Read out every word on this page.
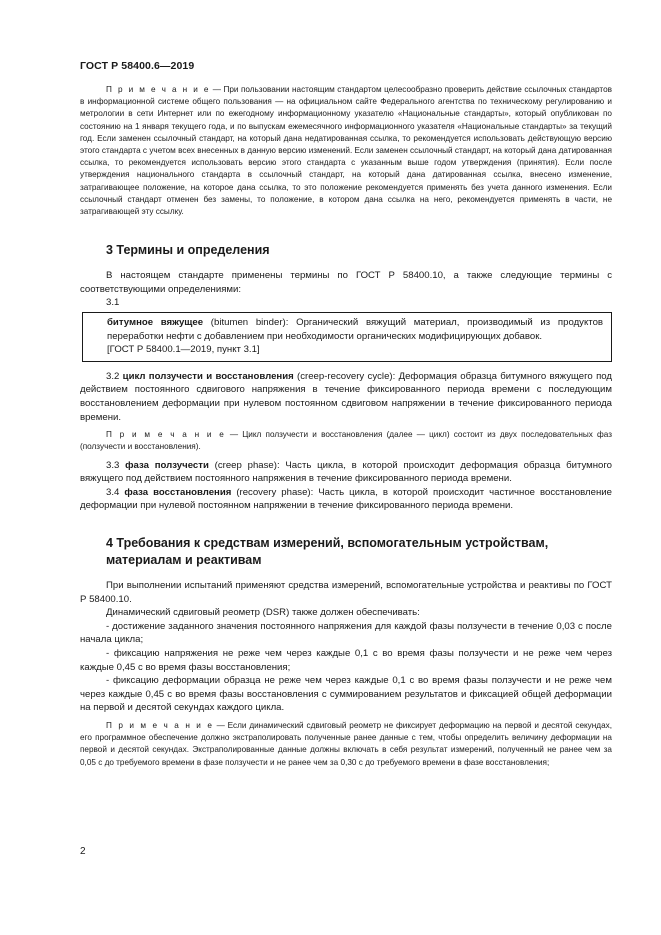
ГОСТ Р 58400.6—2019

П р и м е ч а н и е — При пользовании настоящим стандартом целесообразно проверить действие ссылочных стандартов в информационной системе общего пользования — на официальном сайте Федерального агентства по техническому регулированию и метрологии в сети Интернет или по ежегодному информационному указателю «Национальные стандарты», который опубликован по состоянию на 1 января текущего года, и по выпускам ежемесячного информационного указателя «Национальные стандарты» за текущий год. Если заменен ссылочный стандарт, на который дана недатированная ссылка, то рекомендуется использовать действующую версию этого стандарта с учетом всех внесенных в данную версию изменений. Если заменен ссылочный стандарт, на который дана датированная ссылка, то рекомендуется использовать версию этого стандарта с указанным выше годом утверждения (принятия). Если после утверждения национального стандарта в ссылочный стандарт, на который дана датированная ссылка, внесено изменение, затрагивающее положение, на которое дана ссылка, то это положение рекомендуется применять без учета данного изменения. Если ссылочный стандарт отменен без замены, то положение, в котором дана ссылка на него, рекомендуется применять в части, не затрагивающей эту ссылку.

3 Термины и определения

В настоящем стандарте применены термины по ГОСТ Р 58400.10, а также следующие термины с соответствующими определениями:

3.1

битумное вяжущее (bitumen binder): Органический вяжущий материал, производимый из продуктов переработки нефти с добавлением при необходимости органических модифицирующих добавок.

[ГОСТ Р 58400.1—2019, пункт 3.1]

3.2 цикл ползучести и восстановления (creep-recovery cycle): Деформация образца битумного вяжущего под действием постоянного сдвигового напряжения в течение фиксированного периода времени с последующим восстановлением деформации при нулевом постоянном сдвиговом напряжении в течение фиксированного периода времени.

П р и м е ч а н и е — Цикл ползучести и восстановления (далее — цикл) состоит из двух последовательных фаз (ползучести и восстановления).

3.3 фаза ползучести (creep phase): Часть цикла, в которой происходит деформация образца битумного вяжущего под действием постоянного напряжения в течение фиксированного периода времени.

3.4 фаза восстановления (recovery phase): Часть цикла, в которой происходит частичное восстановление деформации при нулевой постоянном напряжении в течение фиксированного периода времени.

4 Требования к средствам измерений, вспомогательным устройствам,

материалам и реактивам

При выполнении испытаний применяют средства измерений, вспомогательные устройства и реактивы по ГОСТ Р 58400.10.

Динамический сдвиговый реометр (DSR) также должен обеспечивать:

- достижение заданного значения постоянного напряжения для каждой фазы ползучести в течение 0,03 с после начала цикла;

- фиксацию напряжения не реже чем через каждые 0,1 с во время фазы ползучести и не реже чем через каждые 0,45 с во время фазы восстановления;

- фиксацию деформации образца не реже чем через каждые 0,1 с во время фазы ползучести и не реже чем через каждые 0,45 с во время фазы восстановления с суммированием результатов и фиксацией общей деформации на первой и десятой секундах каждого цикла.

П р и м е ч а н и е — Если динамический сдвиговый реометр не фиксирует деформацию на первой и десятой секундах, его программное обеспечение должно экстраполировать полученные ранее данные с тем, чтобы определить величину деформации на первой и десятой секундах. Экстраполированные данные должны включать в себя результат измерений, полученный не ранее чем за 0,05 с до требуемого времени в фазе ползучести и не ранее чем за 0,30 с до требуемого времени в фазе восстановления;

2
